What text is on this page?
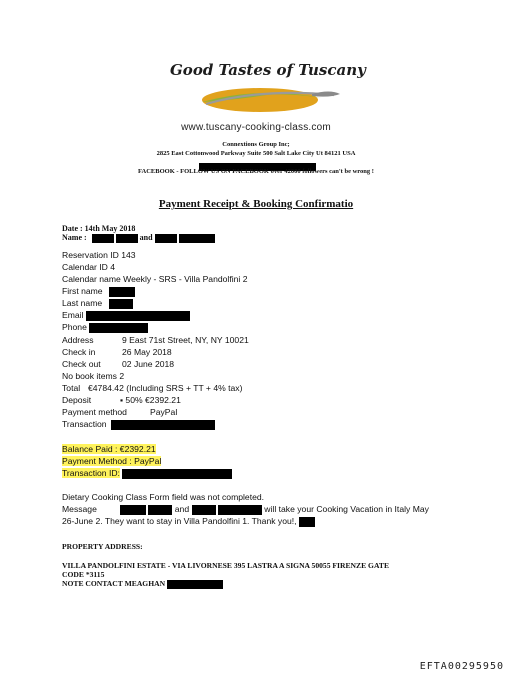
Good Tastes of Tuscany
www.tuscany-cooking-class.com
Connextions Group Inc;
2825 East Cottonwood Parkway Suite 500 Salt Lake City Ut 84121 USA
FACEBOOK - FOLLOW US ON FACEBOOK over 42000 followers can't be wrong !
Payment Receipt & Booking Confirmatio
Date : 14th May 2018
Name :	and
Reservation ID 143
Calendar ID 4
Calendar name Weekly - SRS - Villa Pandolfini 2
First name
Last name
Email
Phone
Address	9 East 71st Street, NY, NY 10021
Check in	26 May 2018
Check out 02 June 2018
No book items 2
Total €4784.42 (Including SRS + TT + 4% tax)
Deposit	▪ 50% €2392.21
Payment method	PayPal
Transaction
Balance Paid : €2392.21
Payment Method : PayPal
Transaction ID:
Dietary Cooking Class Form field was not completed.
Message	and	will take your Cooking Vacation in Italy May
26-June 2. They want to stay in Villa Pandolfini 1. Thank you!,
PROPERTY ADDRESS:
VILLA PANDOLFINI ESTATE - VIA LIVORNESE 395 LASTRA A SIGNA 50055 FIRENZE GATE
CODE *3115
NOTE CONTACT MEAGHAN
EFTA00295950
